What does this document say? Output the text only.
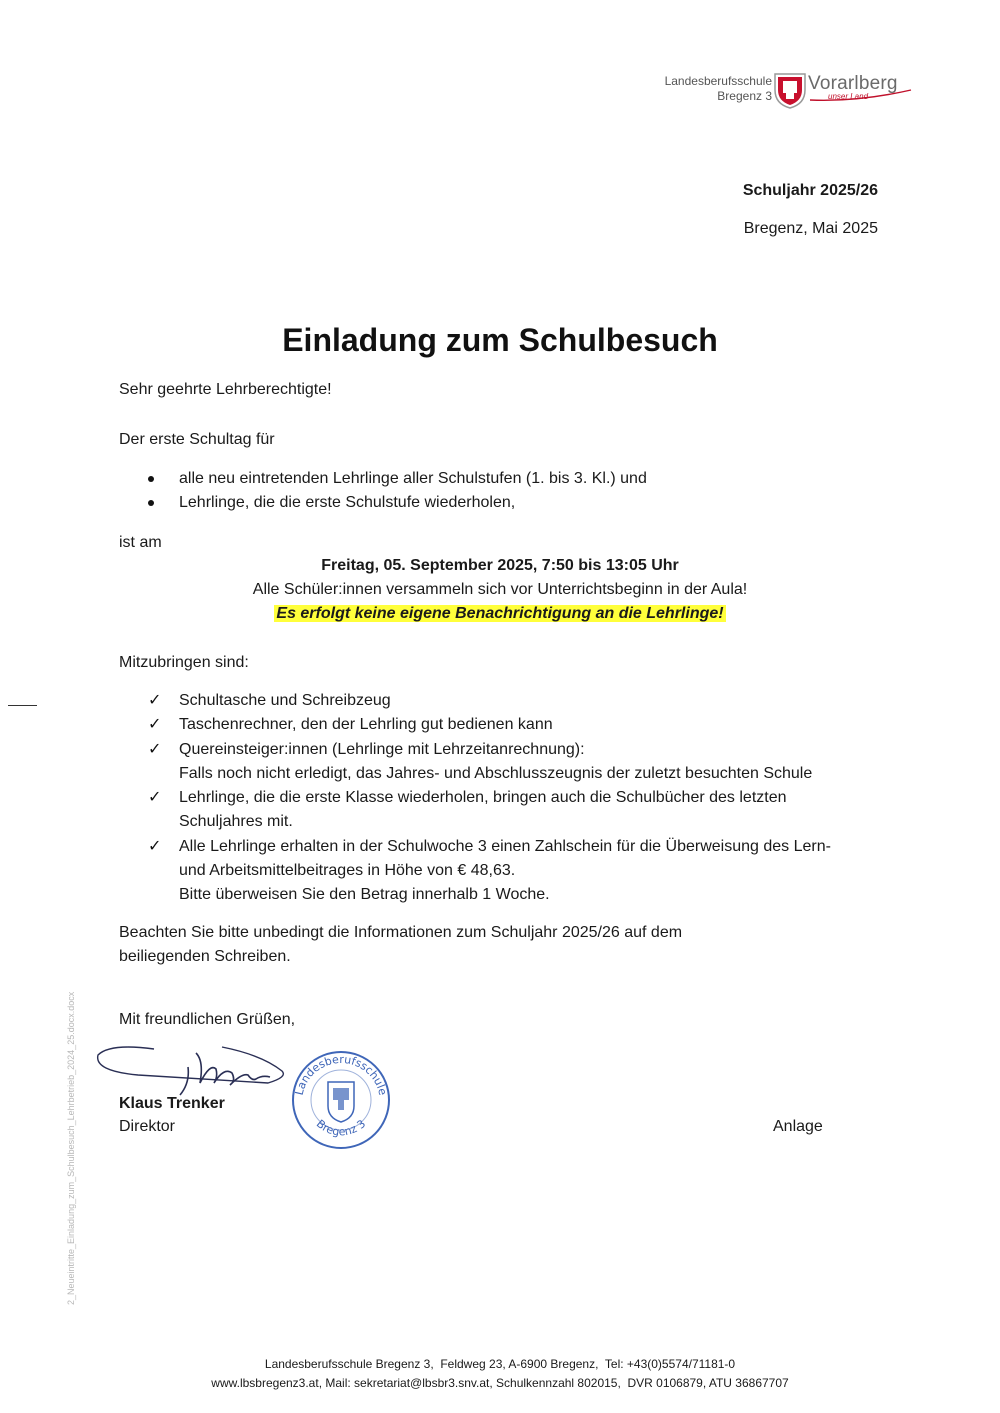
Landesberufsschule
Bregenz 3
Vorarlberg
unser Land
Schuljahr 2025/26
Bregenz, Mai 2025
Einladung zum Schulbesuch
Sehr geehrte Lehrberechtigte!
Der erste Schultag für
alle neu eintretenden Lehrlinge aller Schulstufen (1. bis 3. Kl.) und
Lehrlinge, die die erste Schulstufe wiederholen,
ist am
Freitag, 05. September 2025, 7:50 bis 13:05 Uhr
Alle Schüler:innen versammeln sich vor Unterrichtsbeginn in der Aula!
Es erfolgt keine eigene Benachrichtigung an die Lehrlinge!
Mitzubringen sind:
✓ Schultasche und Schreibzeug
✓ Taschenrechner, den der Lehrling gut bedienen kann
✓ Quereinsteiger:innen (Lehrlinge mit Lehrzeitanrechnung):
Falls noch nicht erledigt, das Jahres- und Abschlusszeugnis der zuletzt besuchten Schule
✓ Lehrlinge, die die erste Klasse wiederholen, bringen auch die Schulbücher des letzten
Schuljahres mit.
✓ Alle Lehrlinge erhalten in der Schulwoche 3 einen Zahlschein für die Überweisung des Lern-
und Arbeitsmittelbeitrages in Höhe von € 48,63.
Bitte überweisen Sie den Betrag innerhalb 1 Woche.
Beachten Sie bitte unbedingt die Informationen zum Schuljahr 2025/26 auf dem
beiliegenden Schreiben.
Mit freundlichen Grüßen,
Klaus Trenker
Direktor	Anlage
Landesberufsschule
Bregenz 3
2_Neueintritte_Einladung_zum_Schulbesuch_Lehrbetrieb_2024_25.docx.docx
Landesberufsschule Bregenz 3,  Feldweg 23, A-6900 Bregenz,  Tel: +43(0)5574/71181-0
www.lbsbregenz3.at, Mail: sekretariat@lbsbr3.snv.at, Schulkennzahl 802015,  DVR 0106879, ATU 36867707
